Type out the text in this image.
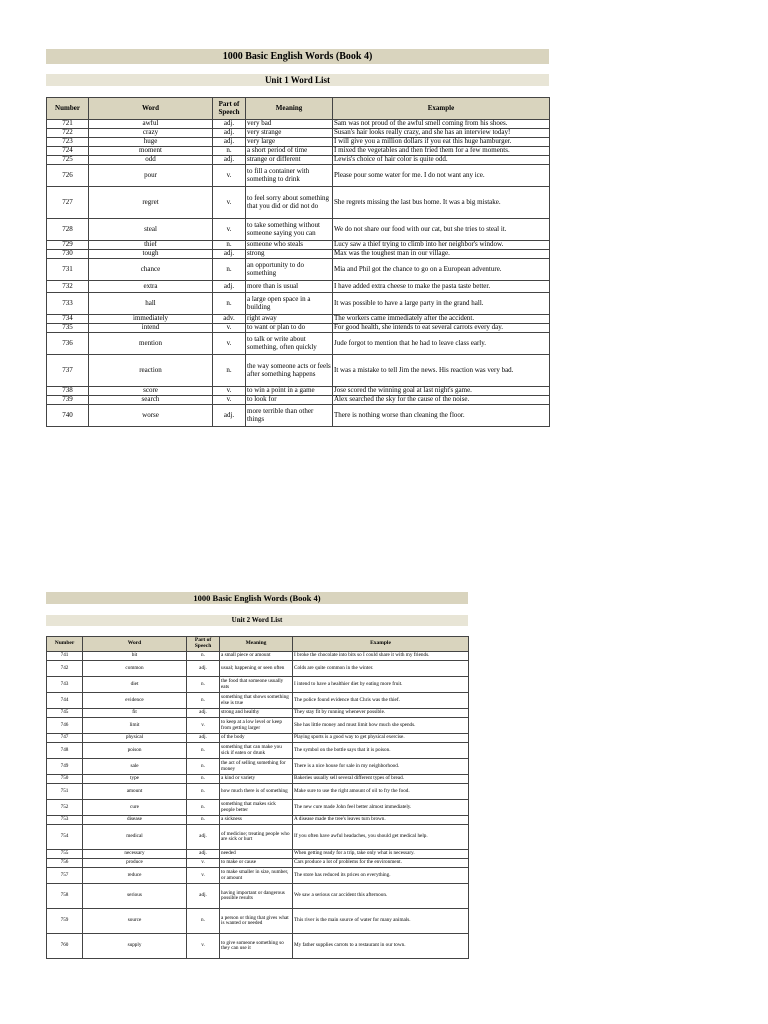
1000 Basic English Words (Book 4)
Unit 1 Word List
Number	Word	Part of Speech	Meaning	Example
721	awful	adj.	very bad	Sam was not proud of the awful smell coming from his shoes.
722	crazy	adj.	very strange	Susan's hair looks really crazy, and she has an interview today!
723	huge	adj.	very large	I will give you a million dollars if you eat this huge hamburger.
724	moment	n.	a short period of time	I mixed the vegetables and then fried them for a few moments.
725	odd	adj.	strange or different	Lewis's choice of hair color is quite odd.
726	pour	v.	to fill a container with something to drink	Please pour some water for me. I do not want any ice.
727	regret	v.	to feel sorry about something that you did or did not do	She regrets missing the last bus home. It was a big mistake.
728	steal	v.	to take something without someone saying you can	We do not share our food with our cat, but she tries to steal it.
729	thief	n.	someone who steals	Lucy saw a thief trying to climb into her neighbor's window.
730	tough	adj.	strong	Max was the toughest man in our village.
731	chance	n.	an opportunity to do something	Mia and Phil got the chance to go on a European adventure.
732	extra	adj.	more than is usual	I have added extra cheese to make the pasta taste better.
733	hall	n.	a large open space in a building	It was possible to have a large party in the grand hall.
734	immediately	adv.	right away	The workers came immediately after the accident.
735	intend	v.	to want or plan to do	For good health, she intends to eat several carrots every day.
736	mention	v.	to talk or write about something, often quickly	Jude forgot to mention that he had to leave class early.
737	reaction	n.	the way someone acts or feels after something happens	It was a mistake to tell Jim the news. His reaction was very bad.
738	score	v.	to win a point in a game	Jose scored the winning goal at last night's game.
739	search	v.	to look for	Alex searched the sky for the cause of the noise.
740	worse	adj.	more terrible than other things	There is nothing worse than cleaning the floor.
1000 Basic English Words (Book 4)
Unit 2 Word List
Number	Word	Part of Speech	Meaning	Example
741	bit	n.	a small piece or amount	I broke the chocolate into bits so I could share it with my friends.
742	common	adj.	usual; happening or seen often	Colds are quite common in the winter.
743	diet	n.	the food that someone usually eats	I intend to have a healthier diet by eating more fruit.
744	evidence	n.	something that shows something else is true	The police found evidence that Chris was the thief.
745	fit	adj.	strong and healthy	They stay fit by running whenever possible.
746	limit	v.	to keep at a low level or keep from getting larger	She has little money and must limit how much she spends.
747	physical	adj.	of the body	Playing sports is a good way to get physical exercise.
748	poison	n.	something that can make you sick if eaten or drunk	The symbol on the bottle says that it is poison.
749	sale	n.	the act of selling something for money	There is a nice house for sale in my neighborhood.
750	type	n.	a kind or variety	Bakeries usually sell several different types of bread.
751	amount	n.	how much there is of something	Make sure to use the right amount of oil to fry the food.
752	cure	n.	something that makes sick people better	The new cure made John feel better almost immediately.
753	disease	n.	a sickness	A disease made the tree's leaves turn brown.
754	medical	adj.	of medicine; treating people who are sick or hurt	If you often have awful headaches, you should get medical help.
755	necessary	adj.	needed	When getting ready for a trip, take only what is necessary.
756	produce	v.	to make or cause	Cars produce a lot of problems for the environment.
757	reduce	v.	to make smaller in size, number, or amount	The store has reduced its prices on everything.
758	serious	adj.	having important or dangerous possible results	We saw a serious car accident this afternoon.
759	source	n.	a person or thing that gives what is wanted or needed	This river is the main source of water for many animals.
760	supply	v.	to give someone something so they can use it	My father supplies carrots to a restaurant in our town.
